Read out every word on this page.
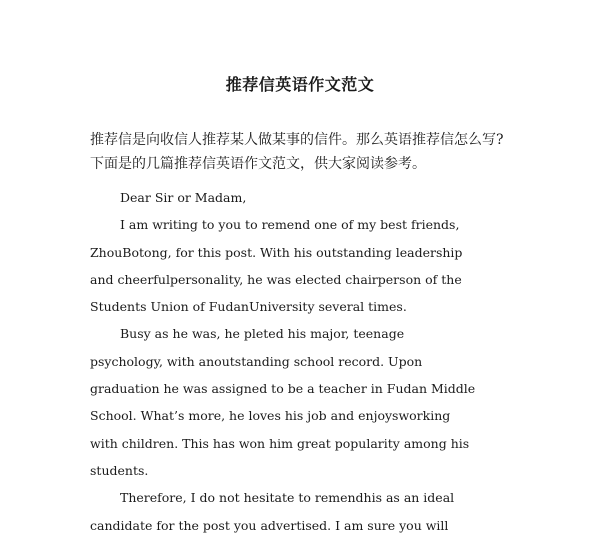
推荐信英语作文范文
推荐信是向收信人推荐某人做某事的信件。那么英语推荐信怎么写?
下面是的几篇推荐信英语作文范文，供大家阅读参考。
Dear Sir or Madam,
I am writing to you to remend one of my best friends,
ZhouBotong, for this post. With his outstanding leadership
and cheerfulpersonality, he was elected chairperson of the
Students Union of FudanUniversity several times.
Busy as he was, he pleted his major, teenage
psychology, with anoutstanding school record. Upon
graduation he was assigned to be a teacher in Fudan Middle
School. What’s more, he loves his job and enjoysworking
with children. This has won him great popularity among his
students.
Therefore, I do not hesitate to remendhis as an ideal
candidate for the post you advertised. I am sure you will
